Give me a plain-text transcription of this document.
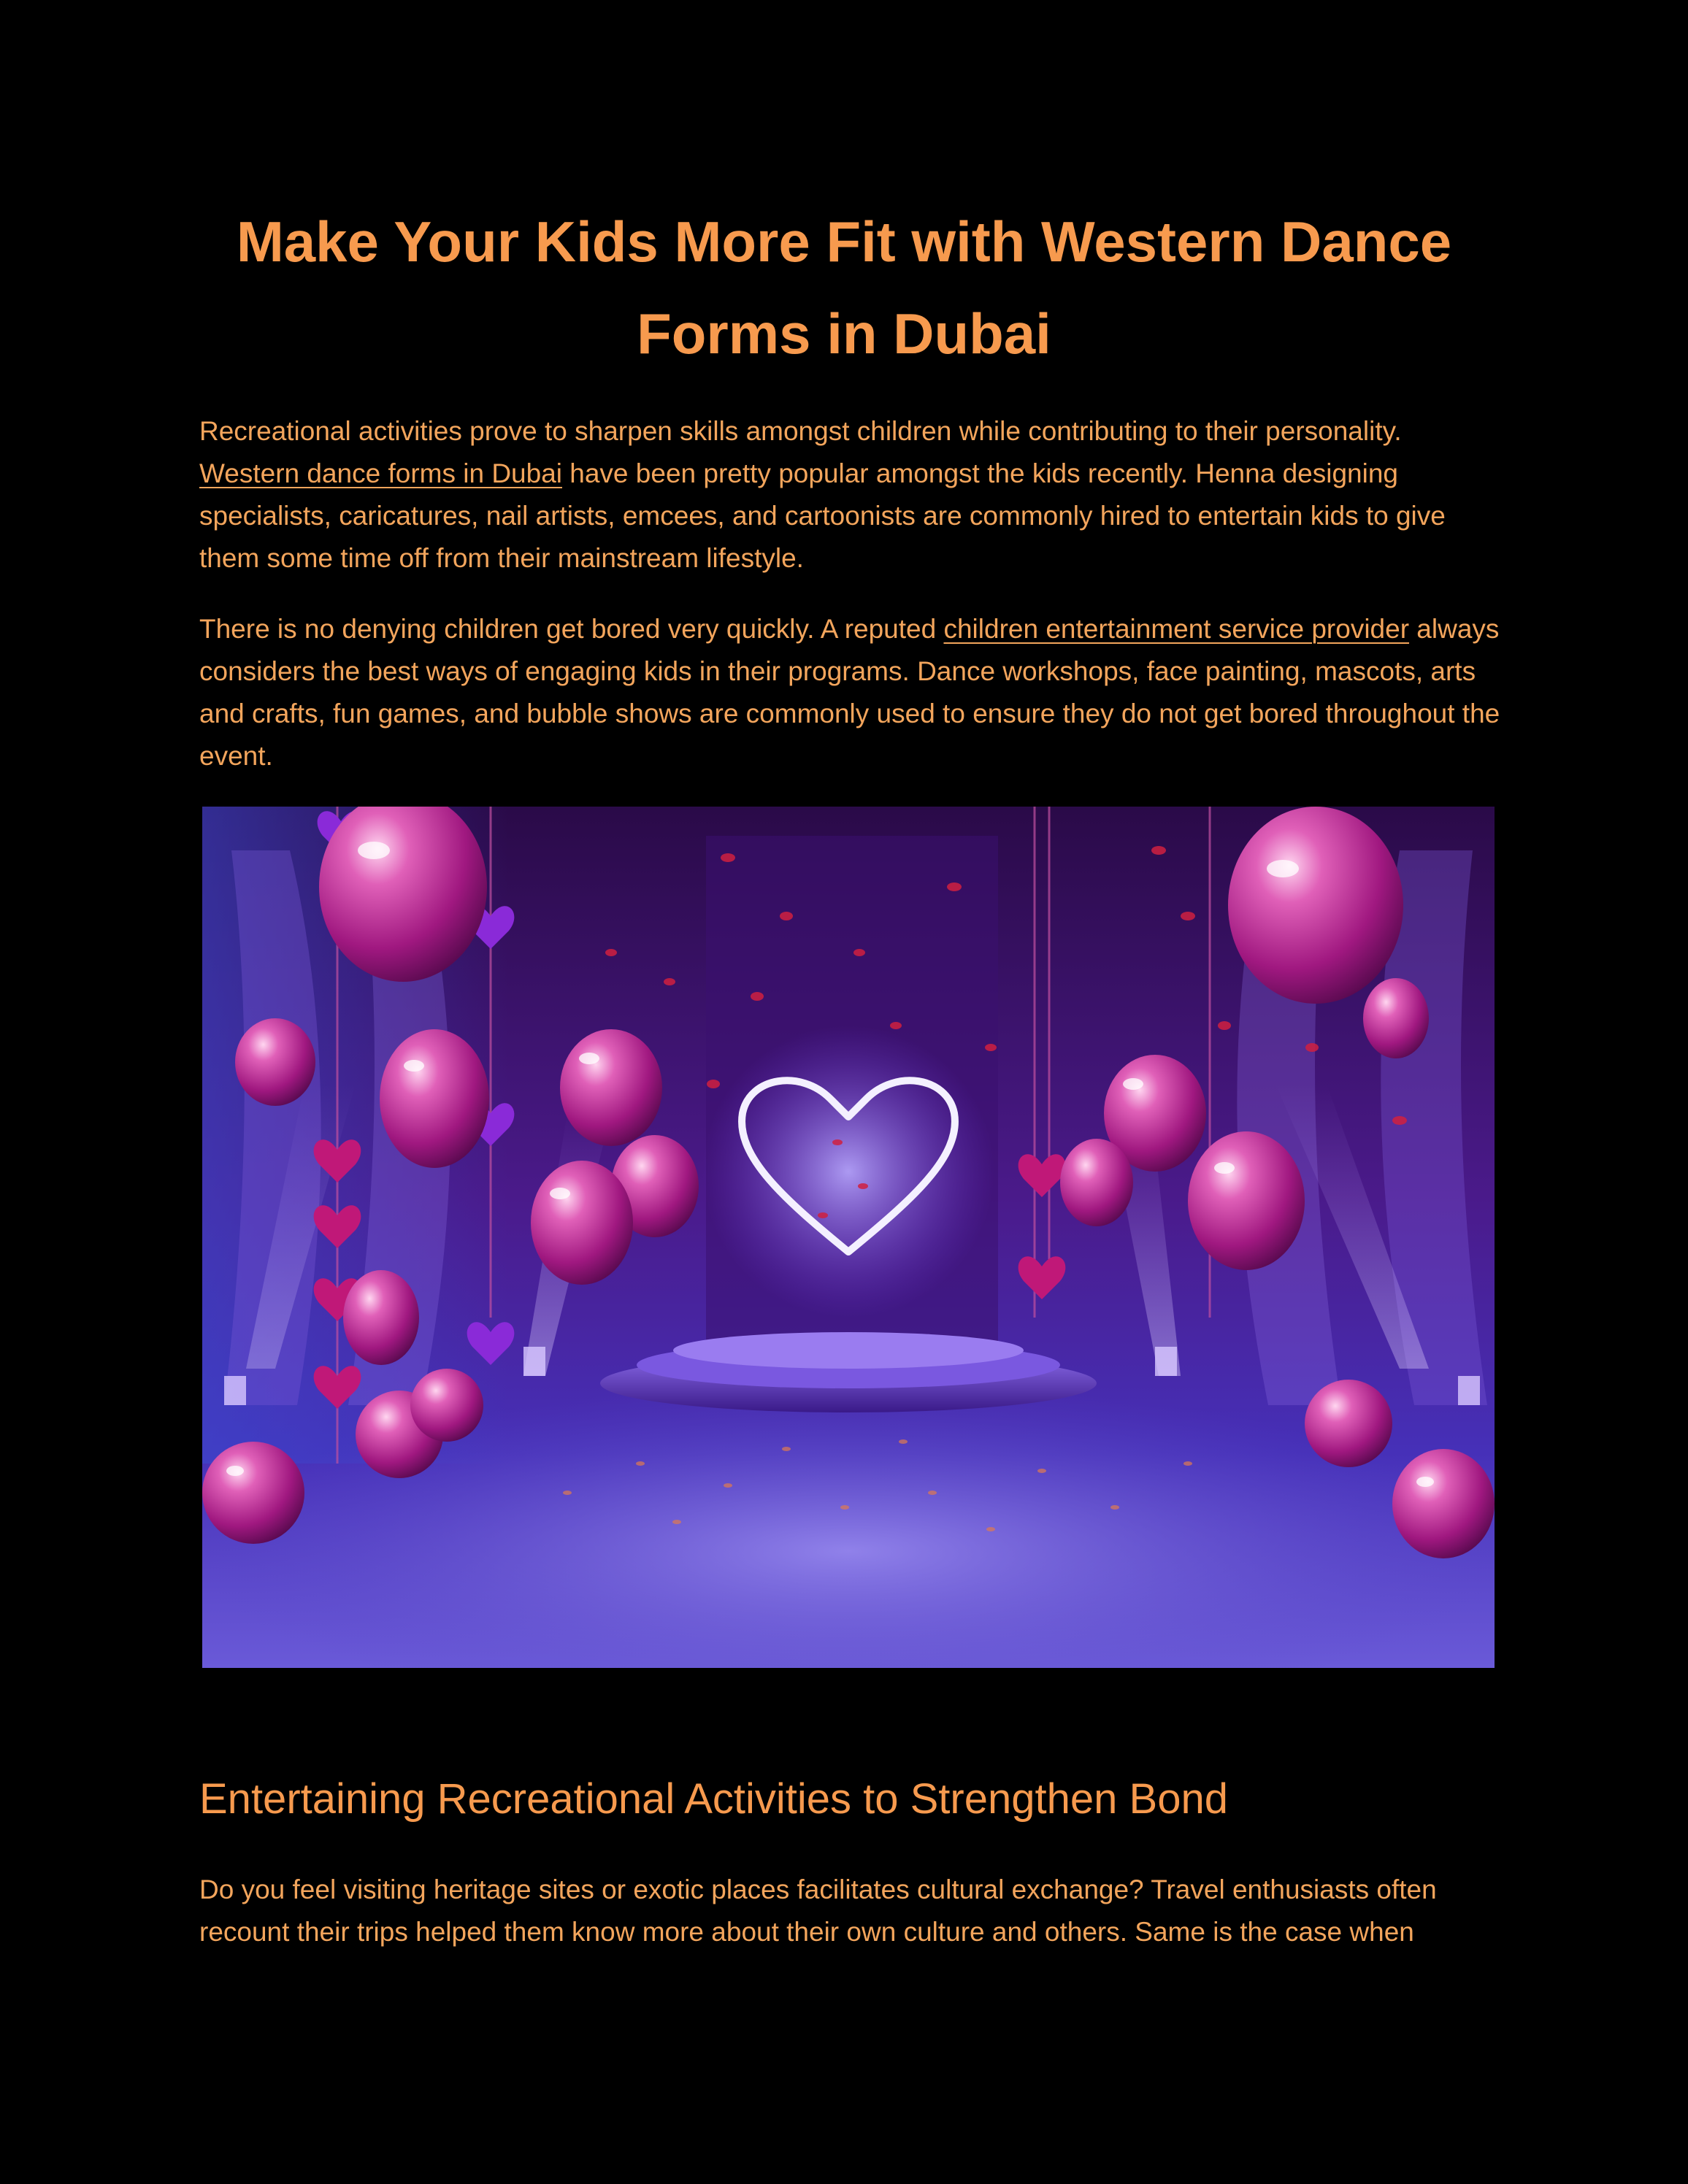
Make Your Kids More Fit with Western Dance Forms in Dubai

Recreational activities prove to sharpen skills amongst children while contributing to their personality. Western dance forms in Dubai have been pretty popular amongst the kids recently. Henna designing specialists, caricatures, nail artists, emcees, and cartoonists are commonly hired to entertain kids to give them some time off from their mainstream lifestyle.

There is no denying children get bored very quickly. A reputed children entertainment service provider always considers the best ways of engaging kids in their programs. Dance workshops, face painting, mascots, arts and crafts, fun games, and bubble shows are commonly used to ensure they do not get bored throughout the event.

Entertaining Recreational Activities to Strengthen Bond

Do you feel visiting heritage sites or exotic places facilitates cultural exchange? Travel enthusiasts often recount their trips helped them know more about their own culture and others. Same is the case when
